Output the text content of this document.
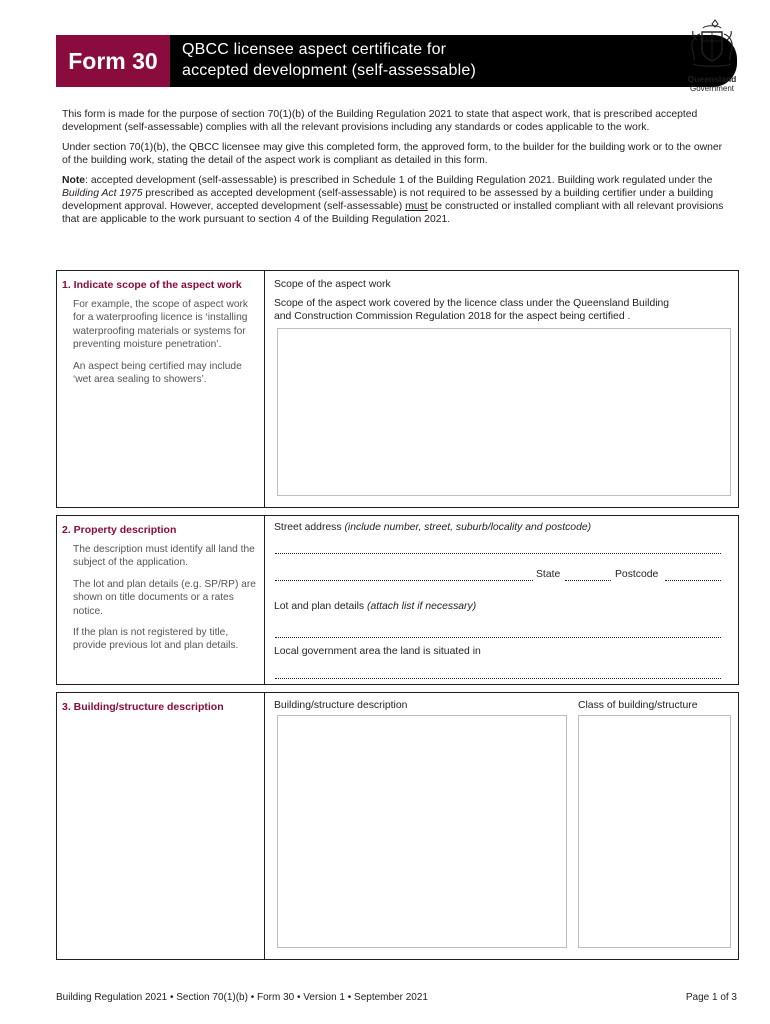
Form 30	QBCC licensee aspect certificate for
accepted development (self-assessable)	Queensland
Government

This form is made for the purpose of section 70(1)(b) of the Building Regulation 2021 to state that aspect work, that is prescribed accepted development (self-assessable) complies with all the relevant provisions including any standards or codes applicable to the work.

Under section 70(1)(b), the QBCC licensee may give this completed form, the approved form, to the builder for the building work or to the owner of the building work, stating the detail of the aspect work is compliant as detailed in this form.

Note: accepted development (self-assessable) is prescribed in Schedule 1 of the Building Regulation 2021. Building work regulated under the Building Act 1975 prescribed as accepted development (self-assessable) is not required to be assessed by a building certifier under a building development approval. However, accepted development (self-assessable) must be constructed or installed compliant with all relevant provisions that are applicable to the work pursuant to section 4 of the Building Regulation 2021.

1. Indicate scope of the aspect work

For example, the scope of aspect work for a waterproofing licence is ‘installing waterproofing materials or systems for preventing moisture penetration’.

An aspect being certified may include ‘wet area sealing to showers’.

Scope of the aspect work
Scope of the aspect work covered by the licence class under the Queensland Building
and Construction Commission Regulation 2018 for the aspect being certified .
2. Property description

The description must identify all land the subject of the application.

The lot and plan details (e.g. SP/RP) are shown on title documents or a rates notice.

If the plan is not registered by title, provide previous lot and plan details.

Street address (include number, street, suburb/locality and postcode)
State	Postcode
Lot and plan details (attach list if necessary)
Local government area the land is situated in
3. Building/structure description	Building/structure description	Class of building/structure
Building Regulation 2021 • Section 70(1)(b) • Form 30 • Version 1 • September 2021	Page 1 of 3
